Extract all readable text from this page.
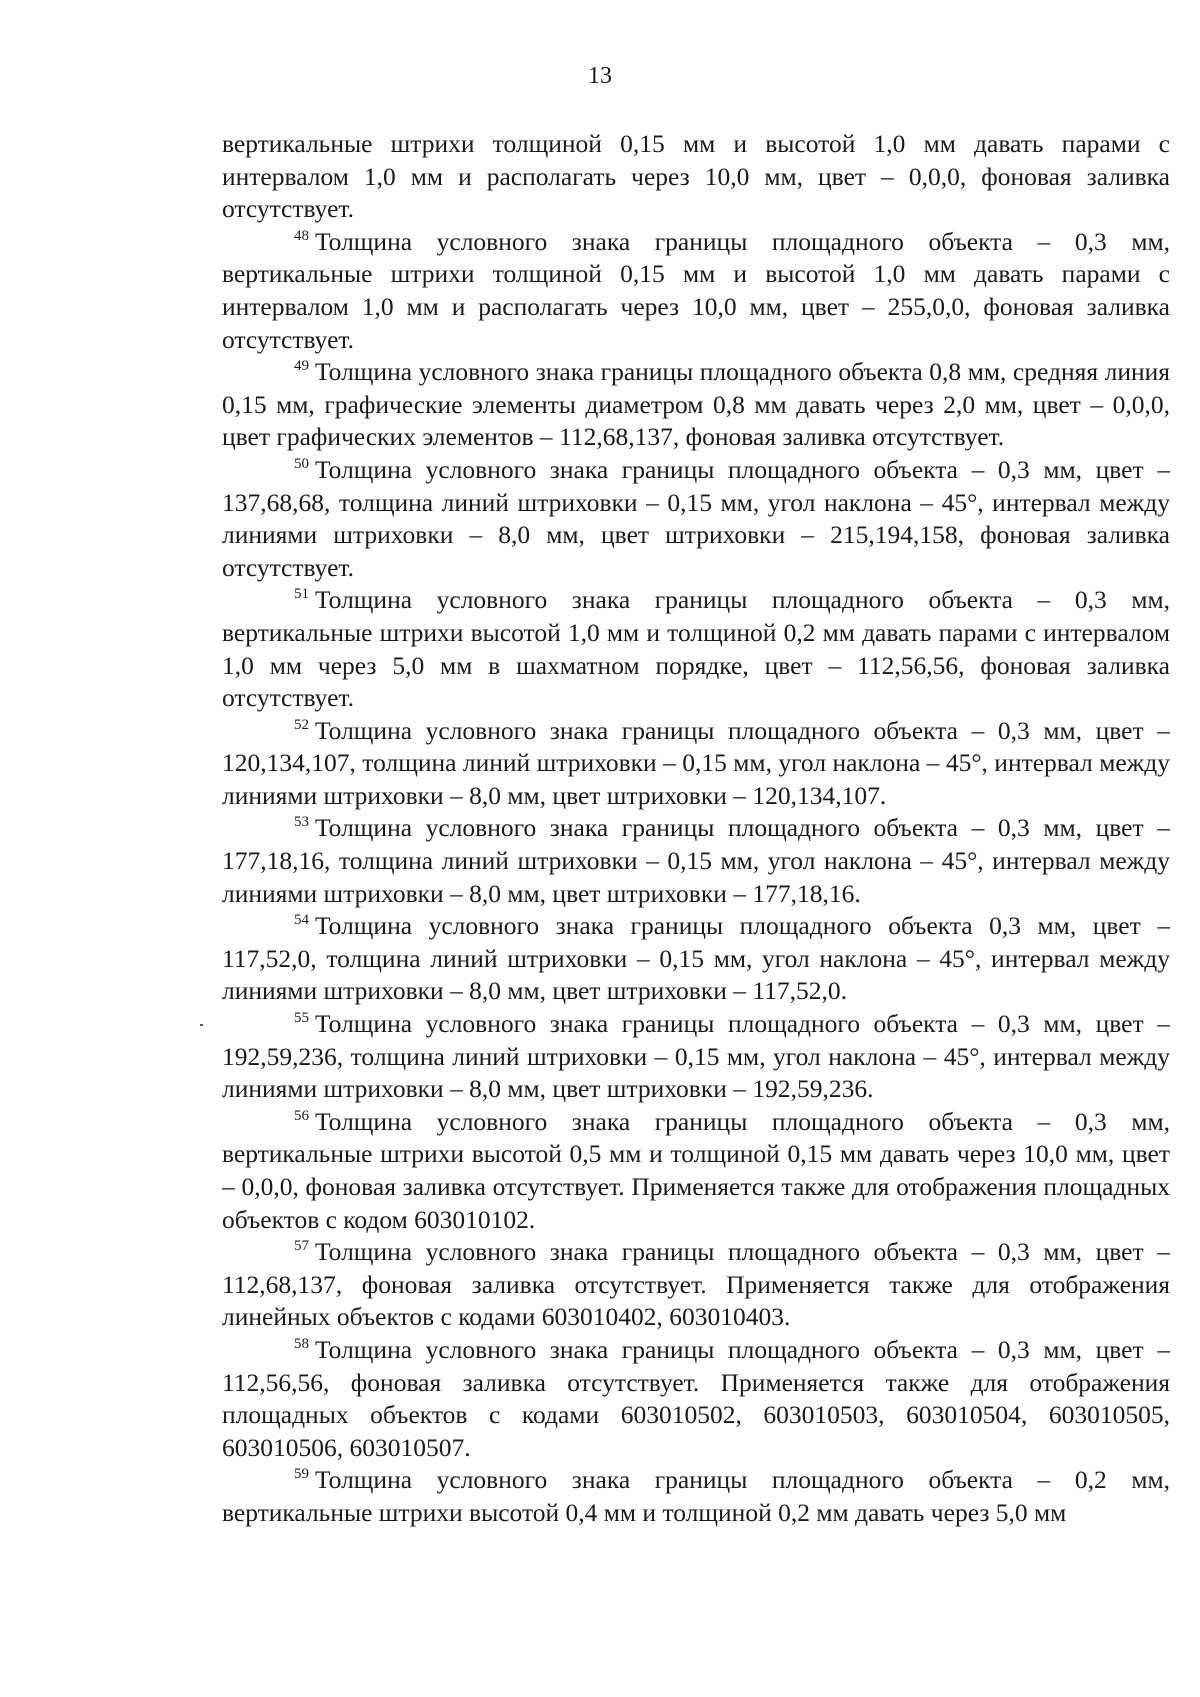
13

вертикальные штрихи толщиной 0,15 мм и высотой 1,0 мм давать парами с интервалом 1,0 мм и располагать через 10,0 мм, цвет – 0,0,0, фоновая заливка отсутствует.

$^{48}$ Толщина условного знака границы площадного объекта – 0,3 мм, вертикальные штрихи толщиной 0,15 мм и высотой 1,0 мм давать парами с интервалом 1,0 мм и располагать через 10,0 мм, цвет – 255,0,0, фоновая заливка отсутствует.

$^{49}$ Толщина условного знака границы площадного объекта 0,8 мм, средняя линия 0,15 мм, графические элементы диаметром 0,8 мм давать через 2,0 мм, цвет – 0,0,0, цвет графических элементов – 112,68,137, фоновая заливка отсутствует.

$^{50}$ Толщина условного знака границы площадного объекта – 0,3 мм, цвет – 137,68,68, толщина линий штриховки – 0,15 мм, угол наклона – 45°, интервал между линиями штриховки – 8,0 мм, цвет штриховки – 215,194,158, фоновая заливка отсутствует.

$^{51}$ Толщина условного знака границы площадного объекта – 0,3 мм, вертикальные штрихи высотой 1,0 мм и толщиной 0,2 мм давать парами с интервалом 1,0 мм через 5,0 мм в шахматном порядке, цвет – 112,56,56, фоновая заливка отсутствует.

$^{52}$ Толщина условного знака границы площадного объекта – 0,3 мм, цвет – 120,134,107, толщина линий штриховки – 0,15 мм, угол наклона – 45°, интервал между линиями штриховки – 8,0 мм, цвет штриховки – 120,134,107.

$^{53}$ Толщина условного знака границы площадного объекта – 0,3 мм, цвет – 177,18,16, толщина линий штриховки – 0,15 мм, угол наклона – 45°, интервал между линиями штриховки – 8,0 мм, цвет штриховки – 177,18,16.

$^{54}$ Толщина условного знака границы площадного объекта 0,3 мм, цвет – 117,52,0, толщина линий штриховки – 0,15 мм, угол наклона – 45°, интервал между линиями штриховки – 8,0 мм, цвет штриховки – 117,52,0.

$^{55}$ Толщина условного знака границы площадного объекта – 0,3 мм, цвет – 192,59,236, толщина линий штриховки – 0,15 мм, угол наклона – 45°, интервал между линиями штриховки – 8,0 мм, цвет штриховки – 192,59,236.

$^{56}$ Толщина условного знака границы площадного объекта – 0,3 мм, вертикальные штрихи высотой 0,5 мм и толщиной 0,15 мм давать через 10,0 мм, цвет – 0,0,0, фоновая заливка отсутствует. Применяется также для отображения площадных объектов с кодом 603010102.

$^{57}$ Толщина условного знака границы площадного объекта – 0,3 мм, цвет – 112,68,137, фоновая заливка отсутствует. Применяется также для отображения линейных объектов с кодами 603010402, 603010403.

$^{58}$ Толщина условного знака границы площадного объекта – 0,3 мм, цвет – 112,56,56, фоновая заливка отсутствует. Применяется также для отображения площадных объектов с кодами 603010502, 603010503, 603010504, 603010505, 603010506, 603010507.

$^{59}$ Толщина условного знака границы площадного объекта – 0,2 мм, вертикальные штрихи высотой 0,4 мм и толщиной 0,2 мм давать через 5,0 мм
